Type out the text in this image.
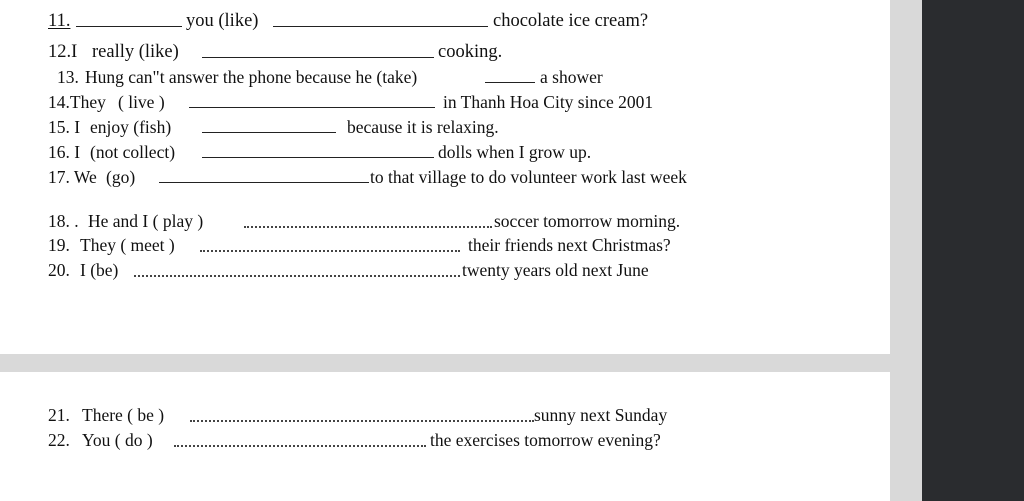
11.	you (like)	chocolate ice cream?
12.I really (like)	cooking.
13. Hung can"t answer the phone because he (take)	a shower
14.They ( live )	in Thanh Hoa City since 2001
15. I enjoy (fish)	because it is relaxing.
16. I (not collect)	dolls when I grow up.
17. We (go)	to that village to do volunteer work last week
18. . He and I ( play )	soccer tomorrow morning.
19. They ( meet )	their friends next Christmas?
20. I (be)	twenty years old next June
21. There ( be )	sunny next Sunday
22. You ( do )	the exercises tomorrow evening?
